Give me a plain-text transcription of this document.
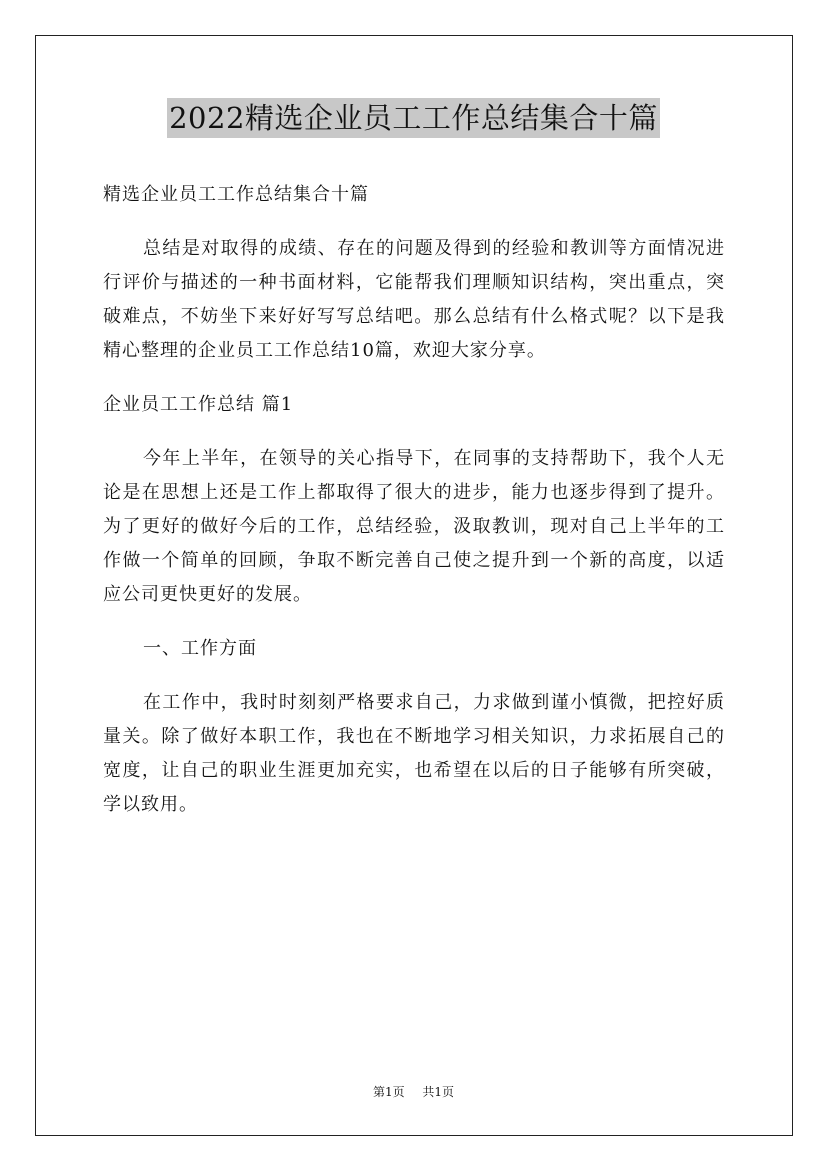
2022精选企业员工工作总结集合十篇

精选企业员工工作总结集合十篇

总结是对取得的成绩、存在的问题及得到的经验和教训等方面情况进行评价与描述的一种书面材料，它能帮我们理顺知识结构，突出重点，突破难点，不妨坐下来好好写写总结吧。那么总结有什么格式呢？以下是我精心整理的企业员工工作总结10篇，欢迎大家分享。

企业员工工作总结 篇1

今年上半年，在领导的关心指导下，在同事的支持帮助下，我个人无论是在思想上还是工作上都取得了很大的进步，能力也逐步得到了提升。为了更好的做好今后的工作，总结经验，汲取教训，现对自己上半年的工作做一个简单的回顾，争取不断完善自己使之提升到一个新的高度，以适应公司更快更好的发展。

一、工作方面

在工作中，我时时刻刻严格要求自己，力求做到谨小慎微，把控好质量关。除了做好本职工作，我也在不断地学习相关知识，力求拓展自己的宽度，让自己的职业生涯更加充实，也希望在以后的日子能够有所突破，学以致用。

第1页 共1页
